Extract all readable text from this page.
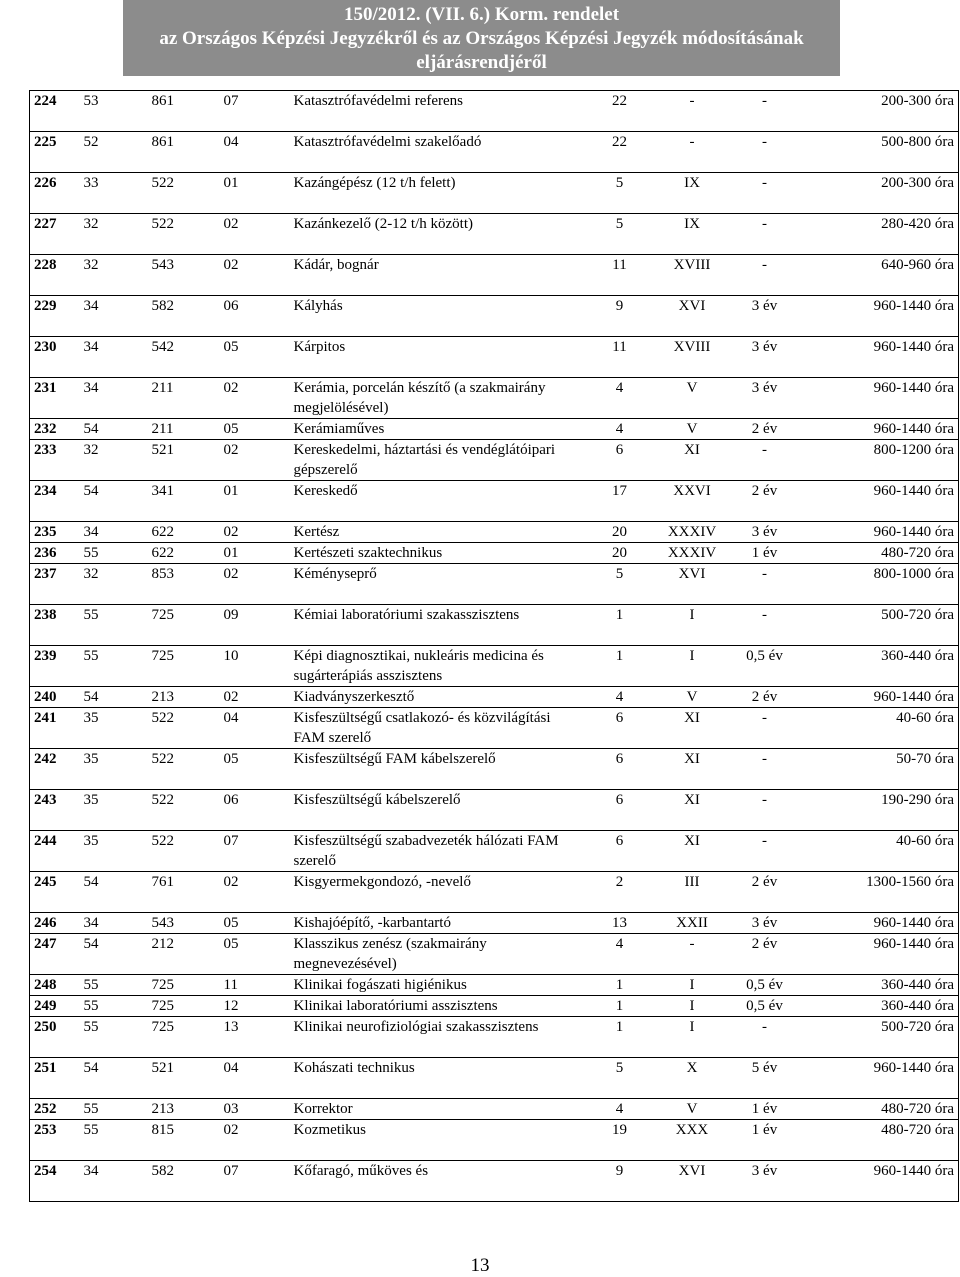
150/2012. (VII. 6.) Korm. rendelet
az Országos Képzési Jegyzékről és az Országos Képzési Jegyzék módosításának
eljárásrendjéről
224	53	861	07	Katasztrófavédelmi referens	22	-	-	200-300 óra
225	52	861	04	Katasztrófavédelmi szakelőadó	22	-	-	500-800 óra
226	33	522	01	Kazángépész (12 t/h felett)	5	IX	-	200-300 óra
227	32	522	02	Kazánkezelő (2-12 t/h között)	5	IX	-	280-420 óra
228	32	543	02	Kádár, bognár	11	XVIII	-	640-960 óra
229	34	582	06	Kályhás	9	XVI	3 év	960-1440 óra
230	34	542	05	Kárpitos	11	XVIII	3 év	960-1440 óra
231	34	211	02	Kerámia, porcelán készítő (a szakmairány megjelölésével)	4	V	3 év	960-1440 óra
232	54	211	05	Kerámiaműves	4	V	2 év	960-1440 óra
233	32	521	02	Kereskedelmi, háztartási és vendéglátóipari gépszerelő	6	XI	-	800-1200 óra
234	54	341	01	Kereskedő	17	XXVI	2 év	960-1440 óra
235	34	622	02	Kertész	20	XXXIV	3 év	960-1440 óra
236	55	622	01	Kertészeti szaktechnikus	20	XXXIV	1 év	480-720 óra
237	32	853	02	Kéményseprő	5	XVI	-	800-1000 óra
238	55	725	09	Kémiai laboratóriumi szakasszisztens	1	I	-	500-720 óra
239	55	725	10	Képi diagnosztikai, nukleáris medicina és sugárterápiás asszisztens	1	I	0,5 év	360-440 óra
240	54	213	02	Kiadványszerkesztő	4	V	2 év	960-1440 óra
241	35	522	04	Kisfeszültségű csatlakozó- és közvilágítási FAM szerelő	6	XI	-	40-60 óra
242	35	522	05	Kisfeszültségű FAM kábelszerelő	6	XI	-	50-70 óra
243	35	522	06	Kisfeszültségű kábelszerelő	6	XI	-	190-290 óra
244	35	522	07	Kisfeszültségű szabadvezeték hálózati FAM szerelő	6	XI	-	40-60 óra
245	54	761	02	Kisgyermekgondozó, -nevelő	2	III	2 év	1300-1560 óra
246	34	543	05	Kishajóépítő, -karbantartó	13	XXII	3 év	960-1440 óra
247	54	212	05	Klasszikus zenész (szakmairány megnevezésével)	4	-	2 év	960-1440 óra
248	55	725	11	Klinikai fogászati higiénikus	1	I	0,5 év	360-440 óra
249	55	725	12	Klinikai laboratóriumi asszisztens	1	I	0,5 év	360-440 óra
250	55	725	13	Klinikai neurofiziológiai szakasszisztens	1	I	-	500-720 óra
251	54	521	04	Kohászati technikus	5	X	5 év	960-1440 óra
252	55	213	03	Korrektor	4	V	1 év	480-720 óra
253	55	815	02	Kozmetikus	19	XXX	1 év	480-720 óra
254	34	582	07	Kőfaragó, műköves és	9	XVI	3 év	960-1440 óra
13
